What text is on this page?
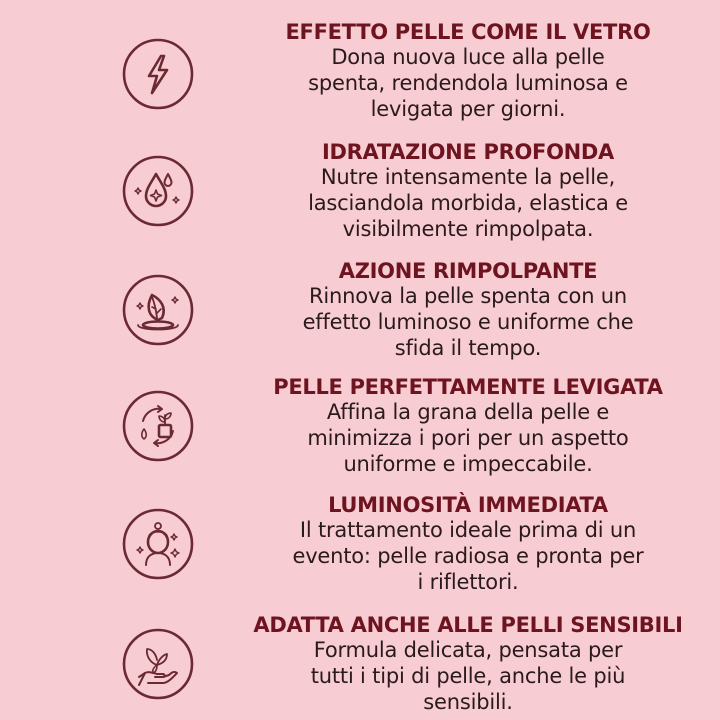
EFFETTO PELLE COME IL VETRO
Dona nuova luce alla pelle
spenta, rendendola luminosa e
levigata per giorni.
IDRATAZIONE PROFONDA
Nutre intensamente la pelle,
lasciandola morbida, elastica e
visibilmente rimpolpata.
AZIONE RIMPOLPANTE
Rinnova la pelle spenta con un
effetto luminoso e uniforme che
sfida il tempo.
PELLE PERFETTAMENTE LEVIGATA
Affina la grana della pelle e
minimizza i pori per un aspetto
uniforme e impeccabile.
LUMINOSITÀ IMMEDIATA
Il trattamento ideale prima di un
evento: pelle radiosa e pronta per
i riflettori.
ADATTA ANCHE ALLE PELLI SENSIBILI
Formula delicata, pensata per
tutti i tipi di pelle, anche le più
sensibili.
